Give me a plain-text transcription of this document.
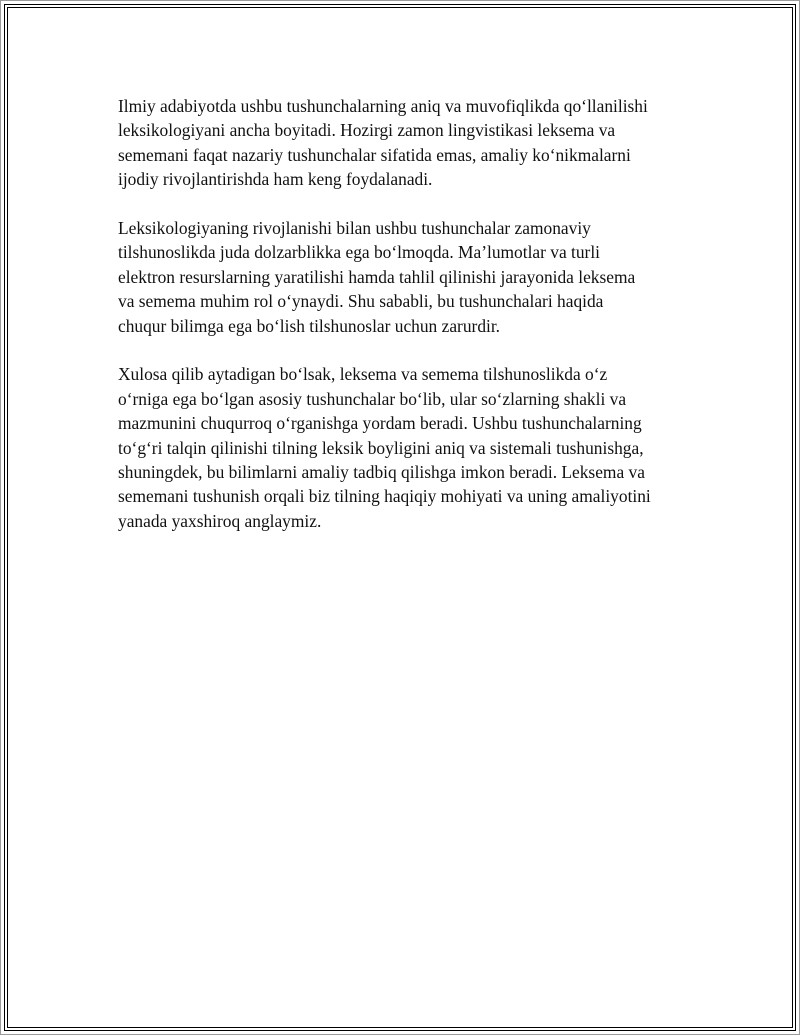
Ilmiy adabiyotda ushbu tushunchalarning aniq va muvofiqlikda qo‘llanilishi
leksikologiyani ancha boyitadi. Hozirgi zamon lingvistikasi leksema va
sememani faqat nazariy tushunchalar sifatida emas, amaliy ko‘nikmalarni
ijodiy rivojlantirishda ham keng foydalanadi.

Leksikologiyaning rivojlanishi bilan ushbu tushunchalar zamonaviy
tilshunoslikda juda dolzarblikka ega bo‘lmoqda. Ma’lumotlar va turli
elektron resurslarning yaratilishi hamda tahlil qilinishi jarayonida leksema
va semema muhim rol o‘ynaydi. Shu sababli, bu tushunchalari haqida
chuqur bilimga ega bo‘lish tilshunoslar uchun zarurdir.

Xulosa qilib aytadigan bo‘lsak, leksema va semema tilshunoslikda o‘z
o‘rniga ega bo‘lgan asosiy tushunchalar bo‘lib, ular so‘zlarning shakli va
mazmunini chuqurroq o‘rganishga yordam beradi. Ushbu tushunchalarning
to‘g‘ri talqin qilinishi tilning leksik boyligini aniq va sistemali tushunishga,
shuningdek, bu bilimlarni amaliy tadbiq qilishga imkon beradi. Leksema va
sememani tushunish orqali biz tilning haqiqiy mohiyati va uning amaliyotini
yanada yaxshiroq anglaymiz.
